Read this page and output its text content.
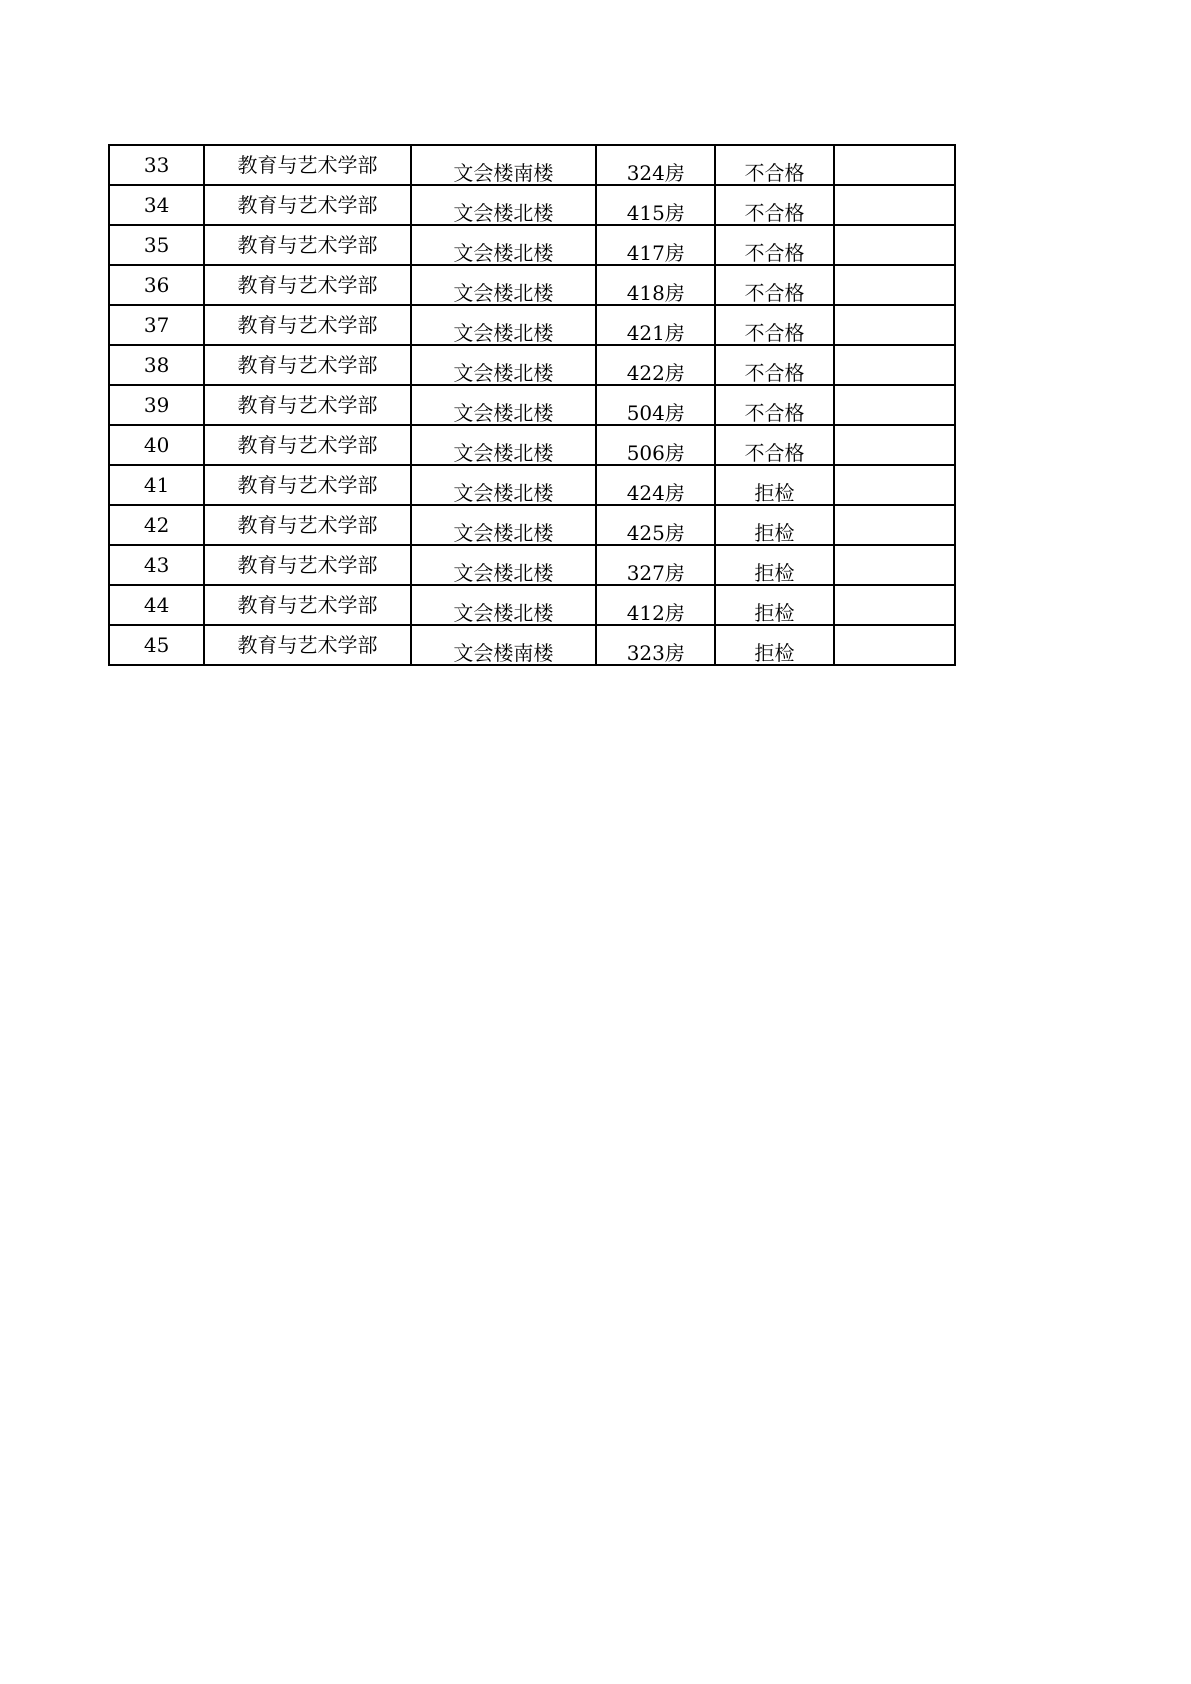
33	教育与艺术学部	文会楼南楼	324房	不合格	
34	教育与艺术学部	文会楼北楼	415房	不合格	
35	教育与艺术学部	文会楼北楼	417房	不合格	
36	教育与艺术学部	文会楼北楼	418房	不合格	
37	教育与艺术学部	文会楼北楼	421房	不合格	
38	教育与艺术学部	文会楼北楼	422房	不合格	
39	教育与艺术学部	文会楼北楼	504房	不合格	
40	教育与艺术学部	文会楼北楼	506房	不合格	
41	教育与艺术学部	文会楼北楼	424房	拒检	
42	教育与艺术学部	文会楼北楼	425房	拒检	
43	教育与艺术学部	文会楼北楼	327房	拒检	
44	教育与艺术学部	文会楼北楼	412房	拒检	
45	教育与艺术学部	文会楼南楼	323房	拒检	
